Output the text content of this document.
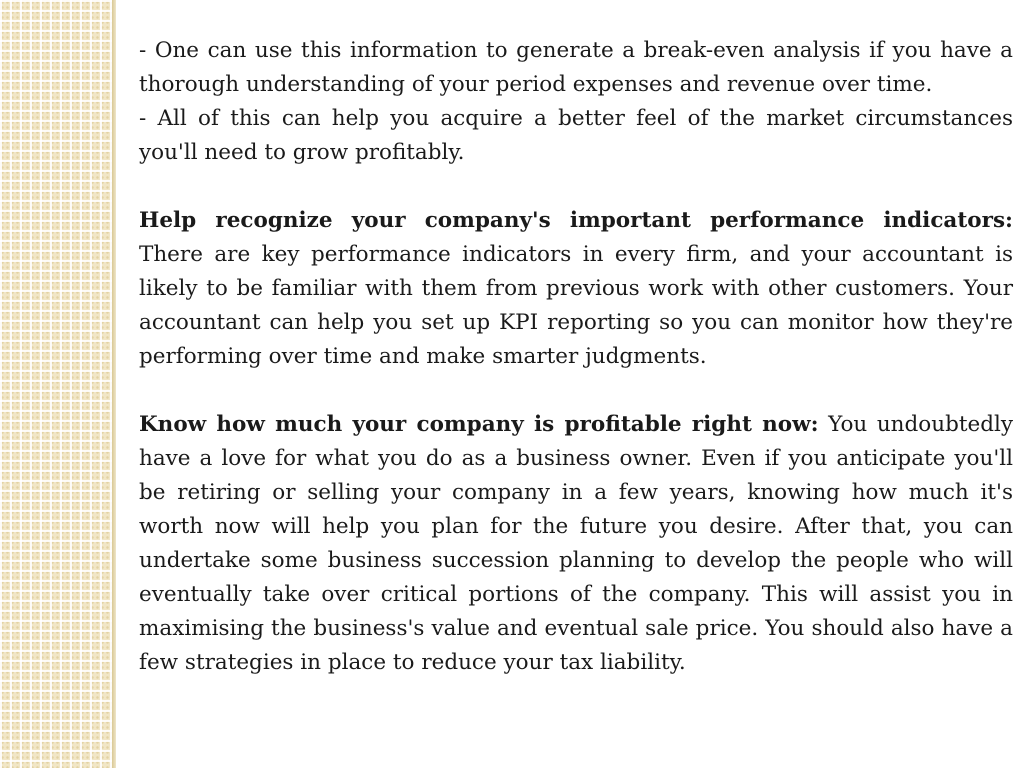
- One can use this information to generate a break-even analysis if you have a thorough understanding of your period expenses and revenue over time.

- All of this can help you acquire a better feel of the market circumstances you'll need to grow profitably.

Help recognize your company's important performance indicators: There are key performance indicators in every firm, and your accountant is likely to be familiar with them from previous work with other customers. Your accountant can help you set up KPI reporting so you can monitor how they're performing over time and make smarter judgments.

Know how much your company is profitable right now: You undoubtedly have a love for what you do as a business owner. Even if you anticipate you'll be retiring or selling your company in a few years, knowing how much it's worth now will help you plan for the future you desire. After that, you can undertake some business succession planning to develop the people who will eventually take over critical portions of the company. This will assist you in maximising the business's value and eventual sale price. You should also have a few strategies in place to reduce your tax liability.
